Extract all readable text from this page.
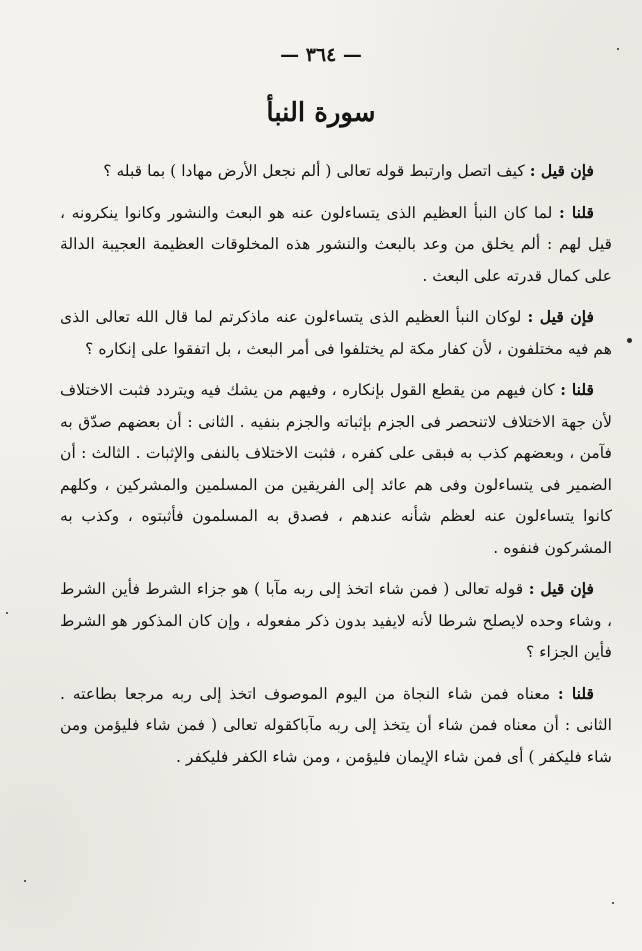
— ٣٦٤ —
سورة النبأ

فإن قيل : كيف اتصل وارتبط قوله تعالى ( ألم نجعل الأرض مهادا ) بما قبله ؟

قلنا : لما كان النبأ العظيم الذى يتساءلون عنه هو البعث والنشور وكانوا ينكرونه ، قيل لهم : ألم يخلق من وعد بالبعث والنشور هذه المخلوقات العظيمة العجيبة الدالة على كمال قدرته على البعث .

فإن قيل : لوكان النبأ العظيم الذى يتساءلون عنه ماذكرتم لما قال الله تعالى الذى هم فيه مختلفون ، لأن كفار مكة لم يختلفوا فى أمر البعث ، بل اتفقوا على إنكاره ؟

قلنا : كان فيهم من يقطع القول بإنكاره ، وفيهم من يشك فيه ويتردد فثبت الاختلاف لأن جهة الاختلاف لاتنحصر فى الجزم بإثباته والجزم بنفيه . الثانى : أن بعضهم صدّق به فآمن ، وبعضهم كذب به فبقى على كفره ، فثبت الاختلاف بالنفى والإثبات . الثالث : أن الضمير فى يتساءلون وفى هم عائد إلى الفريقين من المسلمين والمشركين ، وكلهم كانوا يتساءلون عنه لعظم شأنه عندهم ، فصدق به المسلمون فأثبتوه ، وكذب به المشركون فنفوه .

فإن قيل : قوله تعالى ( فمن شاء اتخذ إلى ربه مآبا ) هو جزاء الشرط فأين الشرط ، وشاء وحده لايصلح شرطا لأنه لايفيد بدون ذكر مفعوله ، وإن كان المذكور هو الشرط فأين الجزاء ؟

قلنا : معناه فمن شاء النجاة من اليوم الموصوف اتخذ إلى ربه مرجعا بطاعته . الثانى : أن معناه فمن شاء أن يتخذ إلى ربه مآباكقوله تعالى ( فمن شاء فليؤمن ومن شاء فليكفر ) أى فمن شاء الإيمان فليؤمن ، ومن شاء الكفر فليكفر .
